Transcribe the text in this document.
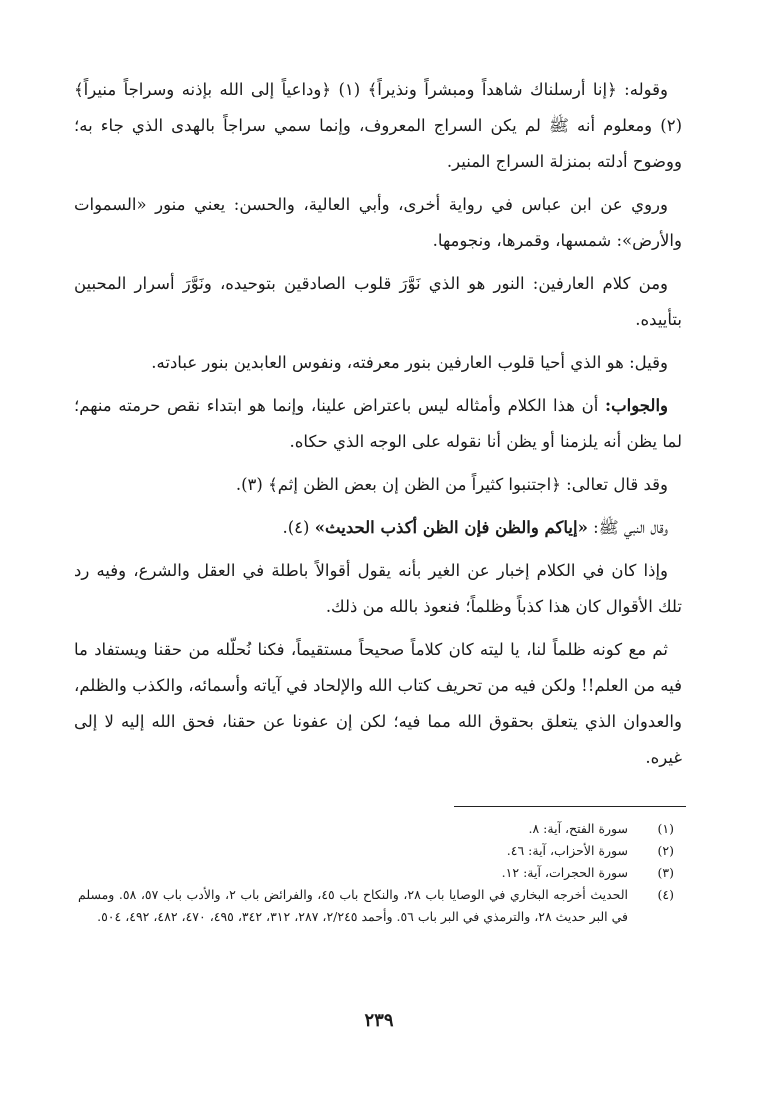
وقوله: ﴿إنا أرسلناك شاهداً ومبشراً ونذيراً﴾ (١) ﴿وداعياً إلى الله بإذنه وسراجاً منيراً﴾ (٢) ومعلوم أنه ﷺ لم يكن السراج المعروف، وإنما سمي سراجاً بالهدى الذي جاء به؛ ووضوح أدلته بمنزلة السراج المنير.

وروي عن ابن عباس في رواية أخرى، وأبي العالية، والحسن: يعني منور «السموات والأرض»: شمسها، وقمرها، ونجومها.

ومن كلام العارفين: النور هو الذي نَوَّرَ قلوب الصادقين بتوحيده، ونَوَّرَ أسرار المحبين بتأييده.

وقيل: هو الذي أحيا قلوب العارفين بنور معرفته، ونفوس العابدين بنور عبادته.

والجواب: أن هذا الكلام وأمثاله ليس باعتراض علينا، وإنما هو ابتداء نقص حرمته منهم؛ لما يظن أنه يلزمنا أو يظن أنا نقوله على الوجه الذي حكاه.

وقد قال تعالى: ﴿اجتنبوا كثيراً من الظن إن بعض الظن إثم﴾ (٣).

وقال النبي ﷺ: «إياكم والظن فإن الظن أكذب الحديث» (٤).

وإذا كان في الكلام إخبار عن الغير بأنه يقول أقوالاً باطلة في العقل والشرع، وفيه رد تلك الأقوال كان هذا كذباً وظلماً؛ فنعوذ بالله من ذلك.

ثم مع كونه ظلماً لنا، يا ليته كان كلاماً صحيحاً مستقيماً، فكنا نُحلّله من حقنا ويستفاد ما فيه من العلم!! ولكن فيه من تحريف كتاب الله والإلحاد في آياته وأسمائه، والكذب والظلم، والعدوان الذي يتعلق بحقوق الله مما فيه؛ لكن إن عفونا عن حقنا، فحق الله إليه لا إلى غيره.

(١)
سورة الفتح، آية: ٨.
(٢)
سورة الأحزاب، آية: ٤٦.
(٣)
سورة الحجرات، آية: ١٢.
(٤)
الحديث أخرجه البخاري في الوصايا باب ٢٨، والنكاح باب ٤٥، والفرائض باب ٢، والأدب باب ٥٧، ٥٨. ومسلم في البر حديث ٢٨، والترمذي في البر باب ٥٦. وأحمد ٢/٢٤٥، ٢٨٧، ٣١٢، ٣٤٢، ٤٩٥، ٤٧٠، ٤٨٢، ٤٩٢، ٥٠٤.
٢٣٩
